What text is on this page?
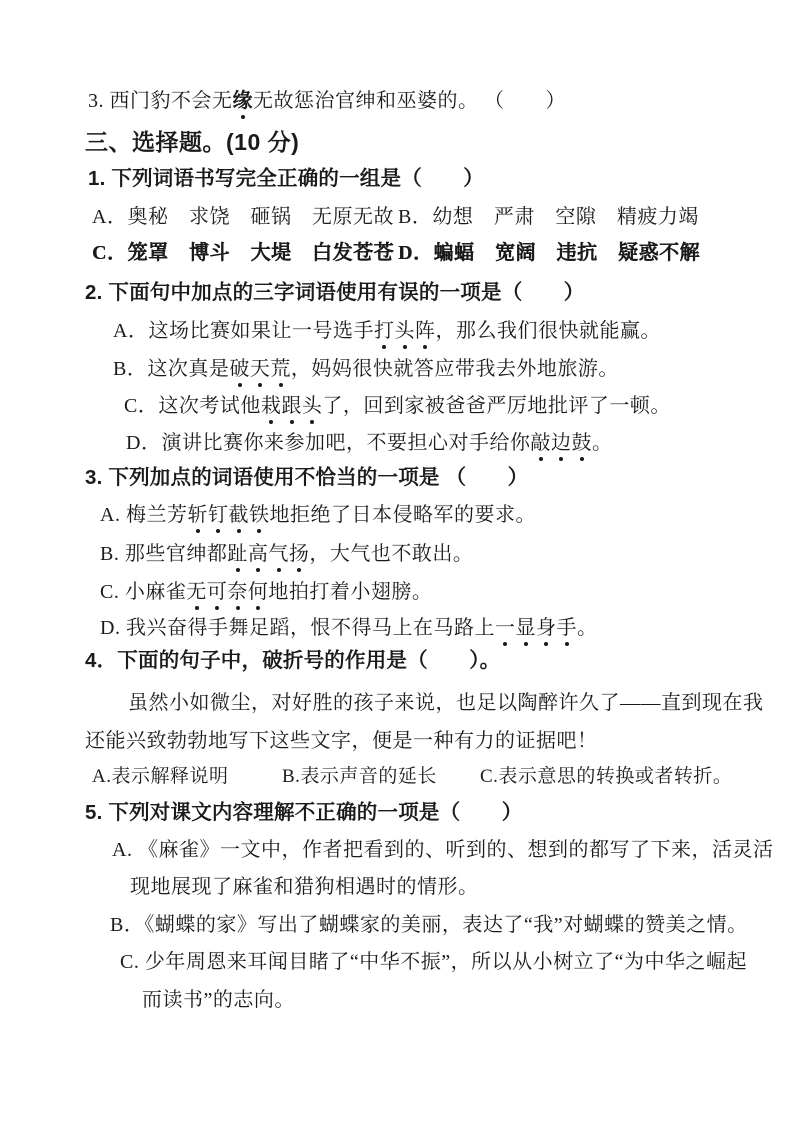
3. 西门豹不会无缘无故惩治官绅和巫婆的。 （　　）
三、选择题。(10 分)
1. 下列词语书写完全正确的一组是（　　）
A．奥秘　求饶　砸锅　无原无故 B．幼想　严肃　空隙　精疲力竭
C．笼罩　博斗　大堤　白发苍苍 D．蝙蝠　宽阔　违抗　疑惑不解
2. 下面句中加点的三字词语使用有误的一项是（　　）
A．这场比赛如果让一号选手打头阵，那么我们很快就能赢。
B．这次真是破天荒，妈妈很快就答应带我去外地旅游。
C．这次考试他栽跟头了，回到家被爸爸严厉地批评了一顿。
D．演讲比赛你来参加吧，不要担心对手给你敲边鼓。
3. 下列加点的词语使用不恰当的一项是 （　　）
A. 梅兰芳斩钉截铁地拒绝了日本侵略军的要求。
B. 那些官绅都趾高气扬，大气也不敢出。
C. 小麻雀无可奈何地拍打着小翅膀。
D. 我兴奋得手舞足蹈，恨不得马上在马路上一显身手。
4．下面的句子中，破折号的作用是（　　）。
虽然小如微尘，对好胜的孩子来说，也足以陶醉许久了——直到现在我
还能兴致勃勃地写下这些文字，便是一种有力的证据吧！
A.表示解释说明	B.表示声音的延长 C.表示意思的转换或者转折。
5. 下列对课文内容理解不正确的一项是（　　）
A. 《麻雀》一文中，作者把看到的、听到的、想到的都写了下来，活灵活
现地展现了麻雀和猎狗相遇时的情形。
B．《蝴蝶的家》写出了蝴蝶家的美丽，表达了“我”对蝴蝶的赞美之情。
C. 少年周恩来耳闻目睹了“中华不振”，所以从小树立了“为中华之崛起
而读书”的志向。
